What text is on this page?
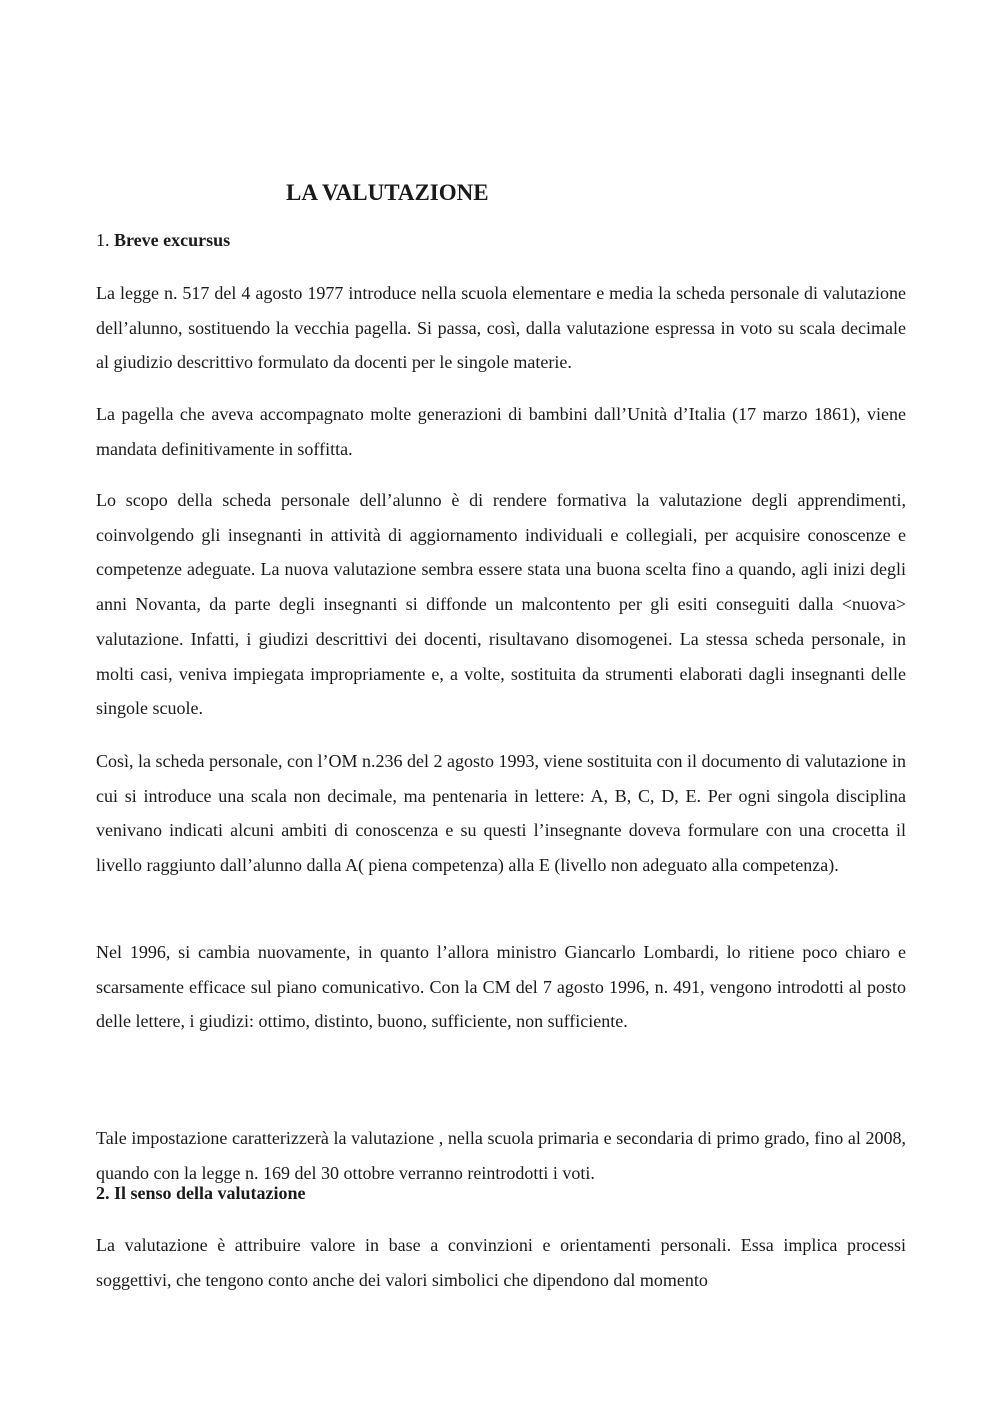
LA VALUTAZIONE
1. Breve excursus

La legge n. 517 del 4 agosto 1977 introduce nella scuola elementare e media la scheda personale di valutazione dell’alunno, sostituendo la vecchia pagella. Si passa, così, dalla valutazione espressa in voto su scala decimale al giudizio descrittivo formulato da docenti per le singole materie.

La pagella che aveva accompagnato molte generazioni di bambini dall’Unità d’Italia (17 marzo 1861), viene mandata definitivamente in soffitta.

Lo scopo della scheda personale dell’alunno è di rendere formativa la valutazione degli apprendimenti, coinvolgendo gli insegnanti in attività di aggiornamento individuali e collegiali, per acquisire conoscenze e competenze adeguate. La nuova valutazione sembra essere stata una buona scelta fino a quando, agli inizi degli anni Novanta, da parte degli insegnanti si diffonde un malcontento per gli esiti conseguiti dalla <nuova> valutazione. Infatti, i giudizi descrittivi dei docenti, risultavano disomogenei. La stessa scheda personale, in molti casi, veniva impiegata impropriamente e, a volte, sostituita da strumenti elaborati dagli insegnanti delle singole scuole.

Così, la scheda personale, con l’OM n.236 del 2 agosto 1993, viene sostituita con il documento di valutazione in cui si introduce una scala non decimale, ma pentenaria in lettere: A, B, C, D, E. Per ogni singola disciplina venivano indicati alcuni ambiti di conoscenza e su questi l’insegnante doveva formulare con una crocetta il livello raggiunto dall’alunno dalla A( piena competenza) alla E (livello non adeguato alla competenza).

Nel 1996, si cambia nuovamente, in quanto l’allora ministro Giancarlo Lombardi, lo ritiene poco chiaro e scarsamente efficace sul piano comunicativo. Con la CM del 7 agosto 1996, n. 491, vengono introdotti al posto delle lettere, i giudizi: ottimo, distinto, buono, sufficiente, non sufficiente.

Tale impostazione caratterizzerà la valutazione , nella scuola primaria e secondaria di primo grado, fino al 2008, quando con la legge n. 169 del 30 ottobre verranno reintrodotti i voti.

2. Il senso della valutazione

La valutazione è attribuire valore in base a convinzioni e orientamenti personali. Essa implica processi soggettivi, che tengono conto anche dei valori simbolici che dipendono dal momento
